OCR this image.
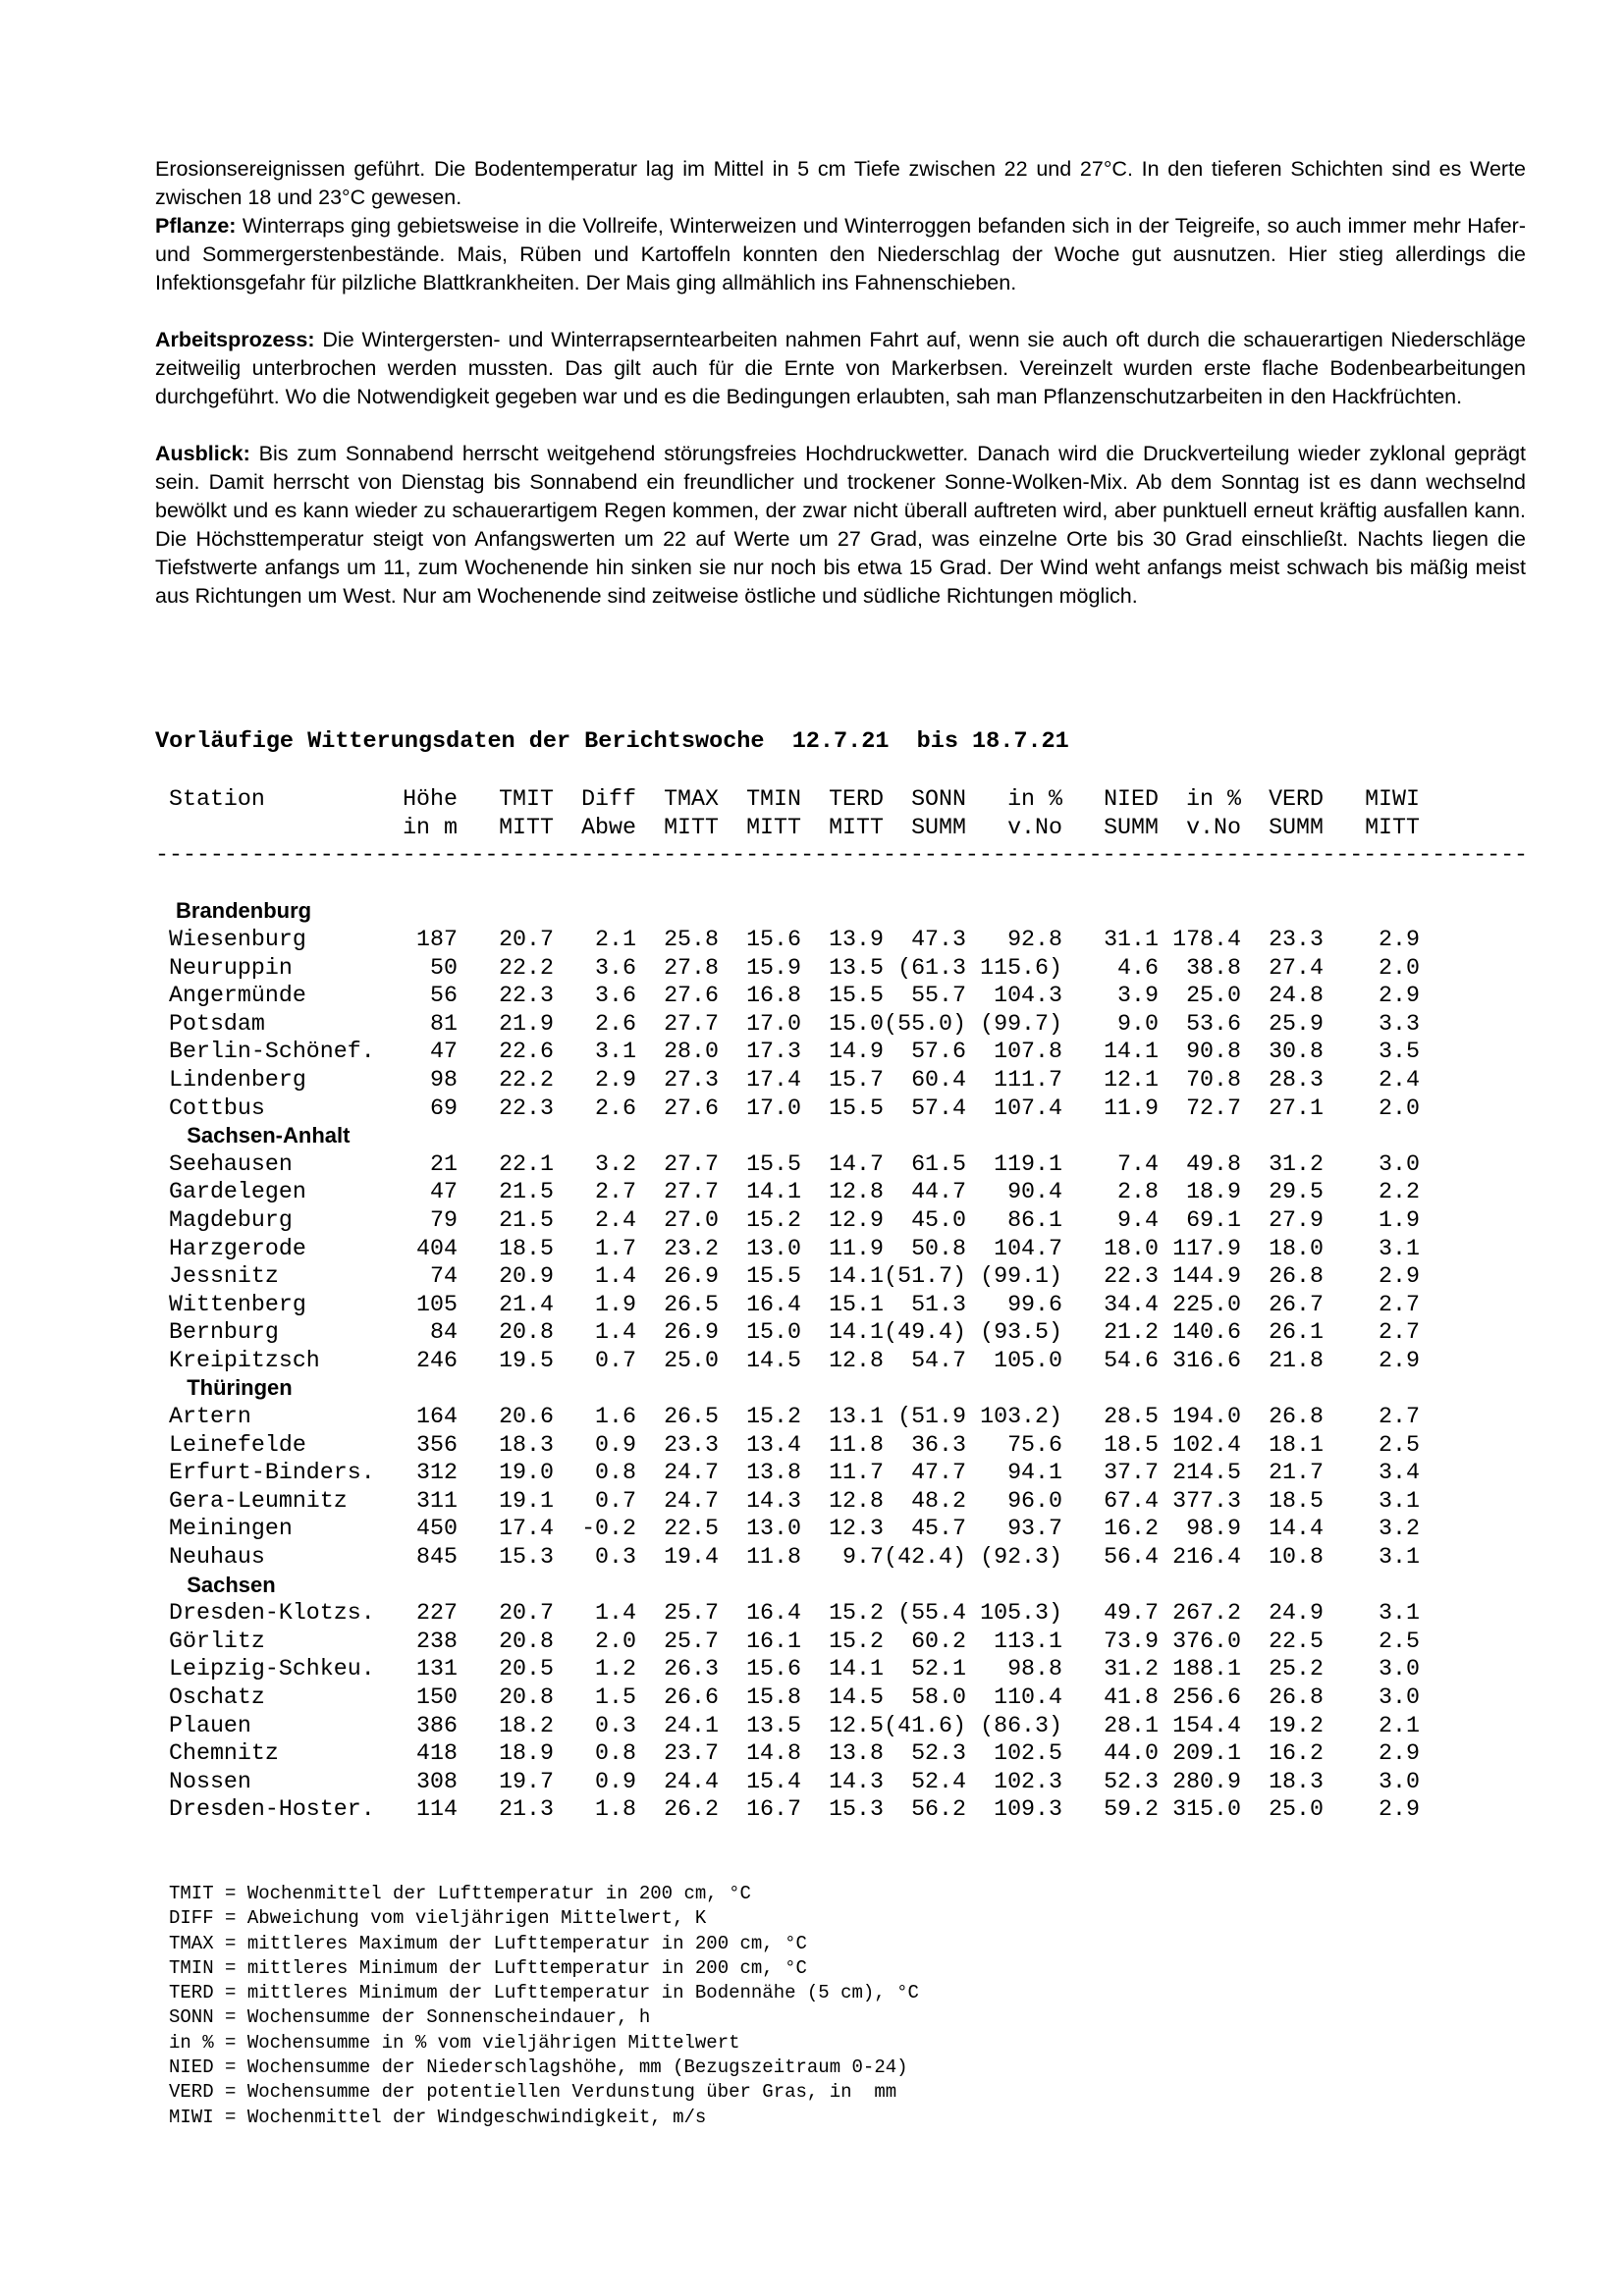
Erosionsereignissen geführt. Die Bodentemperatur lag im Mittel in 5 cm Tiefe zwischen 22 und 27°C. In den tieferen Schichten sind es Werte zwischen 18 und 23°C gewesen.

Pflanze: Winterraps ging gebietsweise in die Vollreife, Winterweizen und Winterroggen befanden sich in der Teigreife, so auch immer mehr Hafer- und Sommergerstenbestände. Mais, Rüben und Kartoffeln konnten den Niederschlag der Woche gut ausnutzen. Hier stieg allerdings die Infektionsgefahr für pilzliche Blattkrankheiten. Der Mais ging allmählich ins Fahnenschieben.

Arbeitsprozess: Die Wintergersten- und Winterrapserntearbeiten nahmen Fahrt auf, wenn sie auch oft durch die schauerartigen Niederschläge zeitweilig unterbrochen werden mussten. Das gilt auch für die Ernte von Markerbsen. Vereinzelt wurden erste flache Bodenbearbeitungen durchgeführt. Wo die Notwendigkeit gegeben war und es die Bedingungen erlaubten, sah man Pflanzenschutzarbeiten in den Hackfrüchten.

Ausblick: Bis zum Sonnabend herrscht weitgehend störungsfreies Hochdruckwetter. Danach wird die Druckverteilung wieder zyklonal geprägt sein. Damit herrscht von Dienstag bis Sonnabend ein freundlicher und trockener Sonne-Wolken-Mix. Ab dem Sonntag ist es dann wechselnd bewölkt und es kann wieder zu schauerartigem Regen kommen, der zwar nicht überall auftreten wird, aber punktuell erneut kräftig ausfallen kann. Die Höchsttemperatur steigt von Anfangswerten um 22 auf Werte um 27 Grad, was einzelne Orte bis 30 Grad einschließt. Nachts liegen die Tiefstwerte anfangs um 11, zum Wochenende hin sinken sie nur noch bis etwa 15 Grad. Der Wind weht anfangs meist schwach bis mäßig meist aus Richtungen um West. Nur am Wochenende sind zeitweise östliche und südliche Richtungen möglich.

Vorläufige Witterungsdaten der Berichtswoche  12.7.21  bis 18.7.21
Station	Höhe TMIT Diff TMAX TMIN TERD SONN in % NIED in % VERD MIWI
in m MITT Abwe MITT MITT MITT SUMM v.No SUMM v.No SUMM MITT
----------------------------------------------------------------------------------------------------
Brandenburg
Wiesenburg	187 20.7 2.1 25.8 15.6 13.9 47.3 92.8 31.1 178.4 23.3 2.9
Neuruppin	50 22.2 3.6 27.8 15.9 13.5 (61.3 115.6) 4.6 38.8 27.4 2.0
Angermünde	56 22.3 3.6 27.6 16.8 15.5 55.7 104.3 3.9 25.0 24.8 2.9
Potsdam	81 21.9 2.6 27.7 17.0 15.0(55.0) (99.7) 9.0 53.6 25.9 3.3
Berlin-Schönef. 47 22.6 3.1 28.0 17.3 14.9 57.6 107.8 14.1 90.8 30.8 3.5
Lindenberg	98 22.2 2.9 27.3 17.4 15.7 60.4 111.7 12.1 70.8 28.3 2.4
Cottbus	69 22.3 2.6 27.6 17.0 15.5 57.4 107.4 11.9 72.7 27.1 2.0
Sachsen-Anhalt
Seehausen	21 22.1 3.2 27.7 15.5 14.7 61.5 119.1 7.4 49.8 31.2 3.0
Gardelegen	47 21.5 2.7 27.7 14.1 12.8 44.7 90.4 2.8 18.9 29.5 2.2
Magdeburg	79 21.5 2.4 27.0 15.2 12.9 45.0 86.1 9.4 69.1 27.9 1.9
Harzgerode	404 18.5 1.7 23.2 13.0 11.9 50.8 104.7 18.0 117.9 18.0 3.1
Jessnitz	74 20.9 1.4 26.9 15.5 14.1(51.7) (99.1) 22.3 144.9 26.8 2.9
Wittenberg	105 21.4 1.9 26.5 16.4 15.1 51.3 99.6 34.4 225.0 26.7 2.7
Bernburg	84 20.8 1.4 26.9 15.0 14.1(49.4) (93.5) 21.2 140.6 26.1 2.7
Kreipitzsch	246 19.5 0.7 25.0 14.5 12.8 54.7 105.0 54.6 316.6 21.8 2.9
Thüringen
Artern	164 20.6 1.6 26.5 15.2 13.1 (51.9 103.2) 28.5 194.0 26.8 2.7
Leinefelde	356 18.3 0.9 23.3 13.4 11.8 36.3 75.6 18.5 102.4 18.1 2.5
Erfurt-Binders. 312 19.0 0.8 24.7 13.8 11.7 47.7 94.1 37.7 214.5 21.7 3.4
Gera-Leumnitz	311 19.1 0.7 24.7 14.3 12.8 48.2 96.0 67.4 377.3 18.5 3.1
Meiningen	450 17.4 -0.2 22.5 13.0 12.3 45.7 93.7 16.2 98.9 14.4 3.2
Neuhaus	845 15.3 0.3 19.4 11.8 9.7(42.4) (92.3) 56.4 216.4 10.8 3.1
Sachsen
Dresden-Klotzs. 227 20.7 1.4 25.7 16.4 15.2 (55.4 105.3) 49.7 267.2 24.9 3.1
Görlitz	238 20.8 2.0 25.7 16.1 15.2 60.2 113.1 73.9 376.0 22.5 2.5
Leipzig-Schkeu. 131 20.5 1.2 26.3 15.6 14.1 52.1 98.8 31.2 188.1 25.2 3.0
Oschatz	150 20.8 1.5 26.6 15.8 14.5 58.0 110.4 41.8 256.6 26.8 3.0
Plauen	386 18.2 0.3 24.1 13.5 12.5(41.6) (86.3) 28.1 154.4 19.2 2.1
Chemnitz	418 18.9 0.8 23.7 14.8 13.8 52.3 102.5 44.0 209.1 16.2 2.9
Nossen	308 19.7 0.9 24.4 15.4 14.3 52.4 102.3 52.3 280.9 18.3 3.0
Dresden-Hoster. 114 21.3 1.8 26.2 16.7 15.3 56.2 109.3 59.2 315.0 25.0 2.9
TMIT = Wochenmittel der Lufttemperatur in 200 cm, °C
DIFF = Abweichung vom vieljährigen Mittelwert, K
TMAX = mittleres Maximum der Lufttemperatur in 200 cm, °C
TMIN = mittleres Minimum der Lufttemperatur in 200 cm, °C
TERD = mittleres Minimum der Lufttemperatur in Bodennähe (5 cm), °C
SONN = Wochensumme der Sonnenscheindauer, h
in % = Wochensumme in % vom vieljährigen Mittelwert
NIED = Wochensumme der Niederschlagshöhe, mm (Bezugszeitraum 0-24)
VERD = Wochensumme der potentiellen Verdunstung über Gras, in  mm
MIWI = Wochenmittel der Windgeschwindigkeit, m/s
